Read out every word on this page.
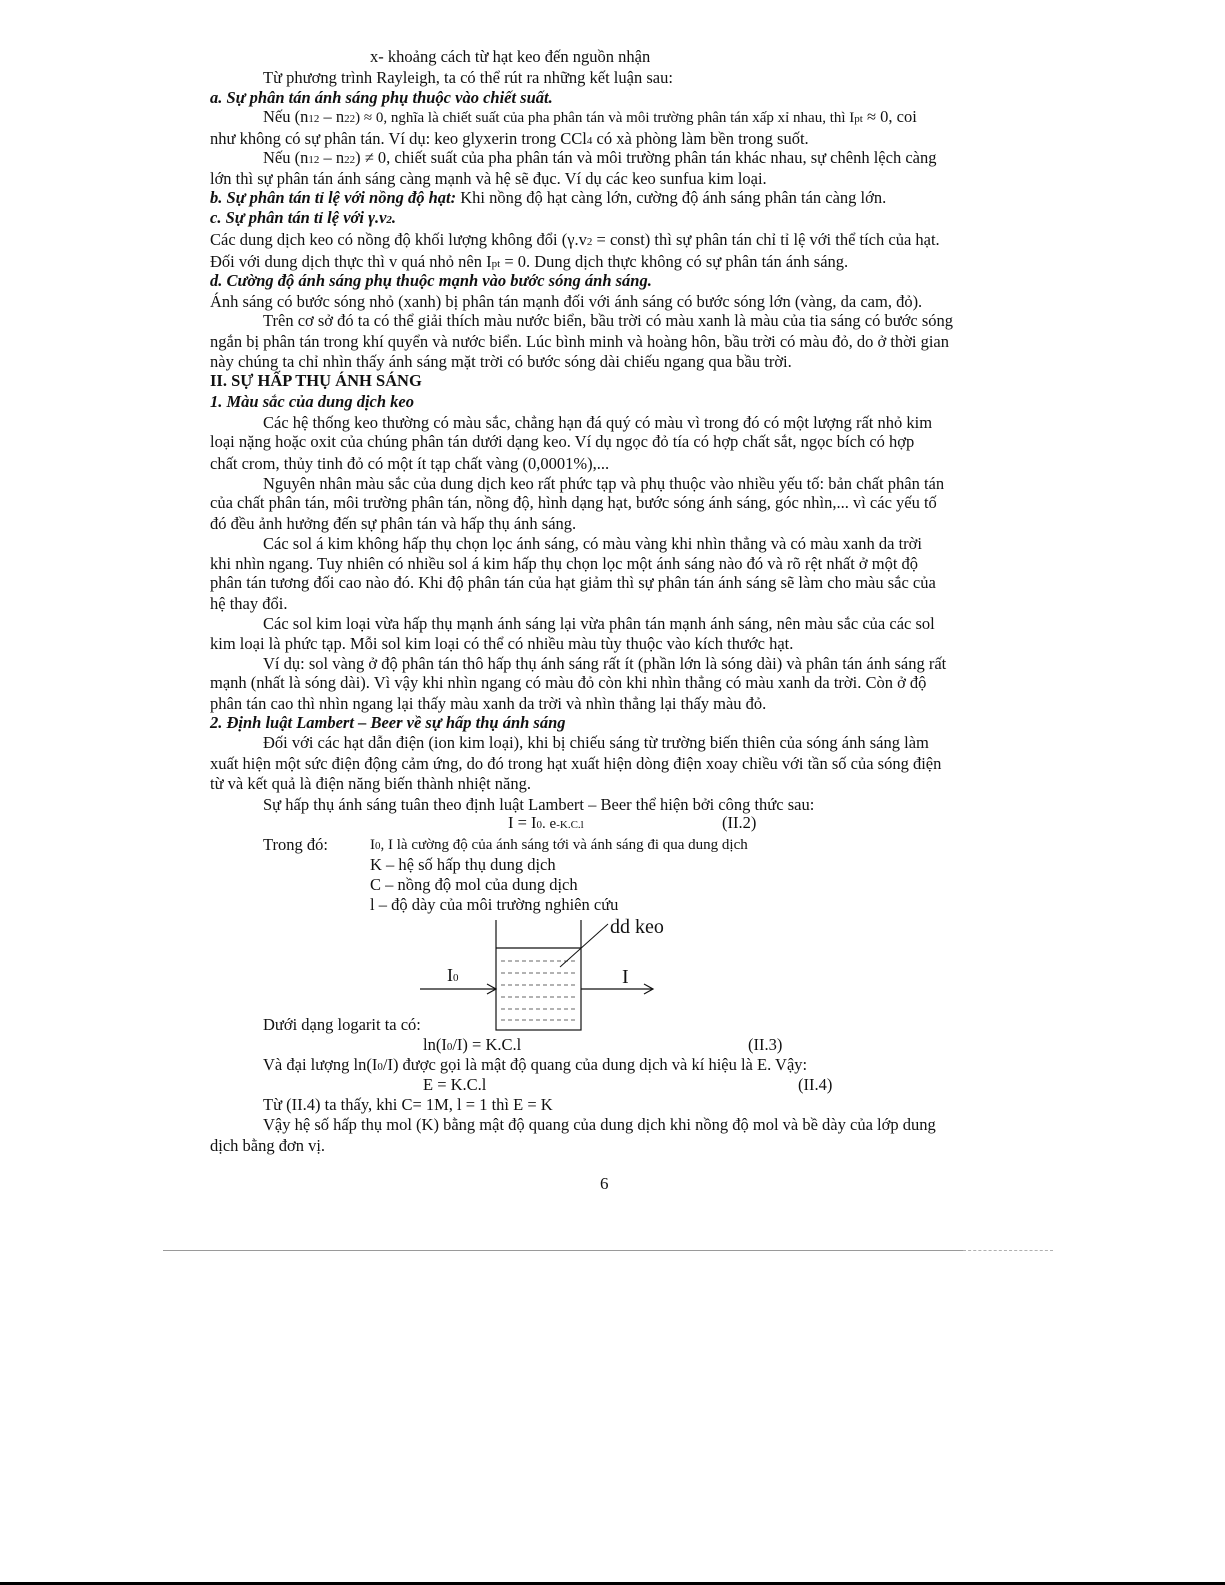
x- khoảng cách từ hạt keo đến nguồn nhận
Từ phương trình Rayleigh, ta có thể rút ra những kết luận sau:
a. Sự phân tán ánh sáng phụ thuộc vào chiết suất.
Nếu (n12 – n22) ≈ 0, nghĩa là chiết suất của pha phân tán và môi trường phân tán xấp xỉ nhau, thì Ipt ≈ 0, coi
như không có sự phân tán. Ví dụ: keo glyxerin trong CCl4 có xà phòng làm bền trong suốt.
Nếu (n12 – n22) ≠ 0, chiết suất của pha phân tán và môi trường phân tán khác nhau, sự chênh lệch càng
lớn thì sự phân tán ánh sáng càng mạnh và hệ sẽ đục. Ví dụ các keo sunfua kim loại.
b. Sự phân tán tỉ lệ với nồng độ hạt: Khi nồng độ hạt càng lớn, cường độ ánh sáng phân tán càng lớn.
c. Sự phân tán tỉ lệ với γ.v2.
Các dung dịch keo có nồng độ khối lượng không đổi (γ.v2 = const) thì sự phân tán chỉ tỉ lệ với thể tích của hạt.
Đối với dung dịch thực thì v quá nhỏ nên Ipt = 0. Dung dịch thực không có sự phân tán ánh sáng.
d. Cường độ ánh sáng phụ thuộc mạnh vào bước sóng ánh sáng.
Ánh sáng có bước sóng nhỏ (xanh) bị phân tán mạnh đối với ánh sáng có bước sóng lớn (vàng, da cam, đỏ).
Trên cơ sở đó ta có thể giải thích màu nước biển, bầu trời có màu xanh là màu của tia sáng có bước sóng
ngắn bị phân tán trong khí quyển và nước biển. Lúc bình minh và hoàng hôn, bầu trời có màu đỏ, do ở thời gian
này chúng ta chỉ nhìn thấy ánh sáng mặt trời có bước sóng dài chiếu ngang qua bầu trời.
II. SỰ HẤP THỤ ÁNH SÁNG
1. Màu sắc của dung dịch keo
Các hệ thống keo thường có màu sắc, chẳng hạn đá quý có màu vì trong đó có một lượng rất nhỏ kim
loại nặng hoặc oxit của chúng phân tán dưới dạng keo. Ví dụ ngọc đỏ tía có hợp chất sắt, ngọc bích có hợp
chất crom, thủy tinh đỏ có một ít tạp chất vàng (0,0001%),...
Nguyên nhân màu sắc của dung dịch keo rất phức tạp và phụ thuộc vào nhiều yếu tố: bản chất phân tán
của chất phân tán, môi trường phân tán, nồng độ, hình dạng hạt, bước sóng ánh sáng, góc nhìn,... vì các yếu tố
đó đều ảnh hưởng đến sự phân tán và hấp thụ ánh sáng.
Các sol á kim không hấp thụ chọn lọc ánh sáng, có màu vàng khi nhìn thẳng và có màu xanh da trời
khi nhìn ngang. Tuy nhiên có nhiều sol á kim hấp thụ chọn lọc một ánh sáng nào đó và rõ rệt nhất ở một độ
phân tán tương đối cao nào đó. Khi độ phân tán của hạt giảm thì sự phân tán ánh sáng sẽ làm cho màu sắc của
hệ thay đổi.
Các sol kim loại vừa hấp thụ mạnh ánh sáng lại vừa phân tán mạnh ánh sáng, nên màu sắc của các sol
kim loại là phức tạp. Mỗi sol kim loại có thể có nhiều màu tùy thuộc vào kích thước hạt.
Ví dụ: sol vàng ở độ phân tán thô hấp thụ ánh sáng rất ít (phần lớn là sóng dài) và phân tán ánh sáng rất
mạnh (nhất là sóng dài). Vì vậy khi nhìn ngang có màu đỏ còn khi nhìn thẳng có màu xanh da trời. Còn ở độ
phân tán cao thì nhìn ngang lại thấy màu xanh da trời và nhìn thẳng lại thấy màu đỏ.
2. Định luật Lambert – Beer về sự hấp thụ ánh sáng
Đối với các hạt dẫn điện (ion kim loại), khi bị chiếu sáng từ trường biến thiên của sóng ánh sáng làm
xuất hiện một sức điện động cảm ứng, do đó trong hạt xuất hiện dòng điện xoay chiều với tần số của sóng điện
từ và kết quả là điện năng biến thành nhiệt năng.
Sự hấp thụ ánh sáng tuân theo định luật Lambert – Beer thể hiện bởi công thức sau:
I = I0. e-K.C.l	(II.2)
Trong đó:	I0, I là cường độ của ánh sáng tới và ánh sáng đi qua dung dịch
K – hệ số hấp thụ dung dịch
C – nồng độ mol của dung dịch
l – độ dày của môi trường nghiên cứu
dd keo
I0	I
Dưới dạng logarit ta có:
ln(I0/I) = K.C.l	(II.3)
Và đại lượng ln(I0/I) được gọi là mật độ quang của dung dịch và kí hiệu là E. Vậy:
E = K.C.l	(II.4)
Từ (II.4) ta thấy, khi C= 1M, l = 1 thì E = K
Vậy hệ số hấp thụ mol (K) bằng mật độ quang của dung dịch khi nồng độ mol và bề dày của lớp dung
dịch bằng đơn vị.
6
